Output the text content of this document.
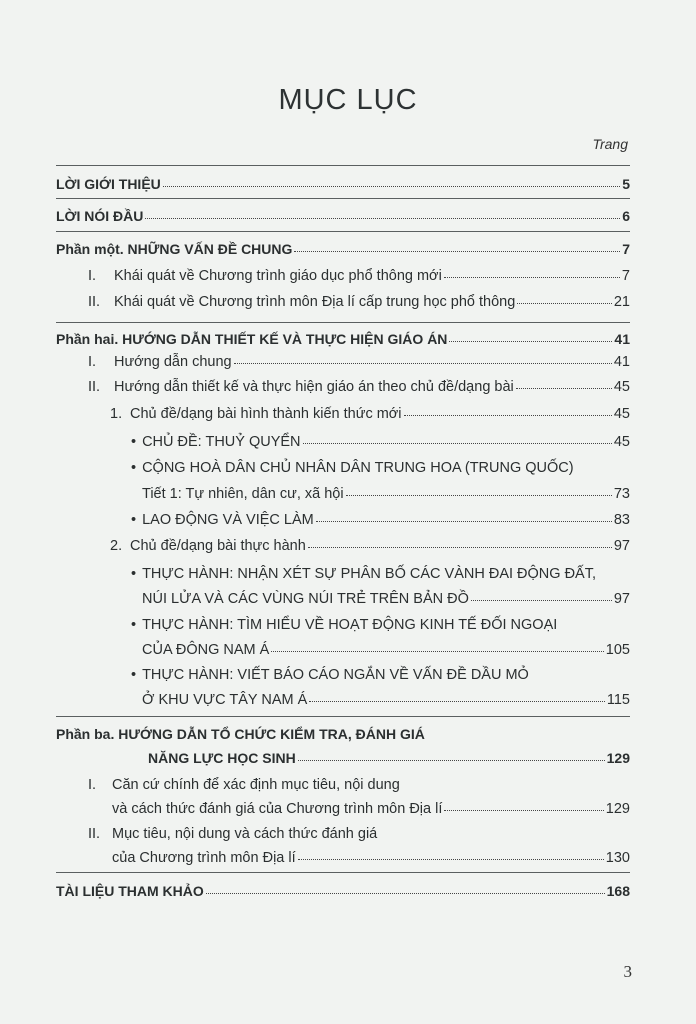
MỤC LỤC
Trang
LỜI GIỚI THIỆU	5
LỜI NÓI ĐẦU	6
Phần một. NHỮNG VẤN ĐỀ CHUNG	7
I. Khái quát về Chương trình giáo dục phổ thông mới	7
II. Khái quát về Chương trình môn Địa lí cấp trung học phổ thông	21
Phần hai. HƯỚNG DẪN THIẾT KẾ VÀ THỰC HIỆN GIÁO ÁN	41
I. Hướng dẫn chung	41
II. Hướng dẫn thiết kế và thực hiện giáo án theo chủ đề/dạng bài	45
1. Chủ đề/dạng bài hình thành kiến thức mới	45
• CHỦ ĐỀ: THUỶ QUYỂN	45
• CỘNG HOÀ DÂN CHỦ NHÂN DÂN TRUNG HOA (TRUNG QUỐC)
Tiết 1: Tự nhiên, dân cư, xã hội	73
• LAO ĐỘNG VÀ VIỆC LÀM	83
2. Chủ đề/dạng bài thực hành	97
• THỰC HÀNH: NHẬN XÉT SỰ PHÂN BỐ CÁC VÀNH ĐAI ĐỘNG ĐẤT,
NÚI LỬA VÀ CÁC VÙNG NÚI TRẺ TRÊN BẢN ĐỒ	97
• THỰC HÀNH: TÌM HIỂU VỀ HOẠT ĐỘNG KINH TẾ ĐỐI NGOẠI
CỦA ĐÔNG NAM Á	105
• THỰC HÀNH: VIẾT BÁO CÁO NGẮN VỀ VẤN ĐỀ DẦU MỎ
Ở KHU VỰC TÂY NAM Á	115
Phần ba. HƯỚNG DẪN TỔ CHỨC KIỂM TRA, ĐÁNH GIÁ
NĂNG LỰC HỌC SINH	129
I. Căn cứ chính để xác định mục tiêu, nội dung
và cách thức đánh giá của Chương trình môn Địa lí	129
II. Mục tiêu, nội dung và cách thức đánh giá
của Chương trình môn Địa lí	130
TÀI LIỆU THAM KHẢO	168
3
